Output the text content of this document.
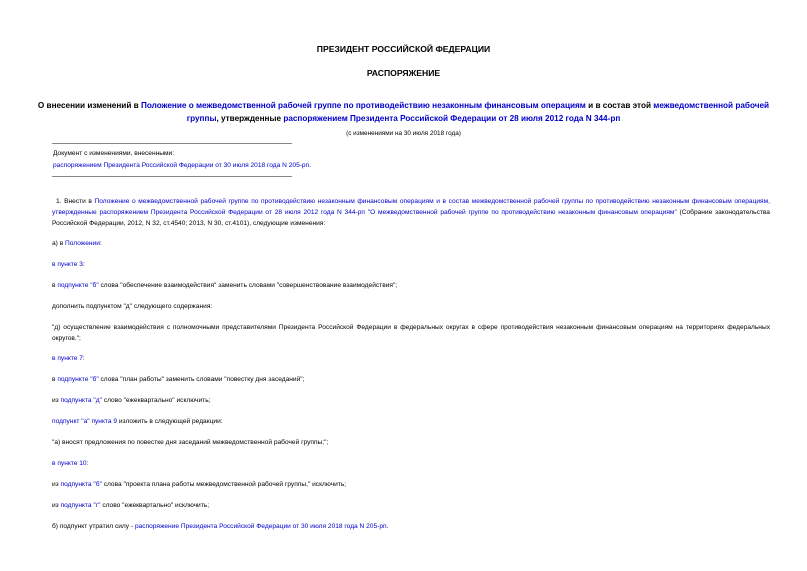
ПРЕЗИДЕНТ РОССИЙСКОЙ ФЕДЕРАЦИИ
РАСПОРЯЖЕНИЕ
О внесении изменений в Положение о межведомственной рабочей группе по противодействию незаконным финансовым операциям и в состав этой межведомственной рабочей группы, утвержденные распоряжением Президента Российской Федерации от 28 июля 2012 года N 344-рп
(с изменениями на 30 июля 2018 года)
Документ с изменениями, внесенными:
распоряжением Президента Российской Федерации от 30 июля 2018 года N 205-рп.
1. Внести в Положение о межведомственной рабочей группе по противодействию незаконным финансовым операциям и в состав межведомственной рабочей группы по противодействию незаконным финансовым операциям, утвержденные распоряжением Президента Российской Федерации от 28 июля 2012 года N 344-рп "О межведомственной рабочей группе по противодействию незаконным финансовым операциям" (Собрание законодательства Российской Федерации, 2012, N 32, ст.4540; 2013, N 30, ст.4101), следующие изменения:
а) в Положении:
в пункте 3:
в подпункте "б" слова "обеспечение взаимодействия" заменить словами "совершенствование взаимодействия";
дополнить подпунктом "д" следующего содержания:
"д) осуществление взаимодействия с полномочными представителями Президента Российской Федерации в федеральных округах в сфере противодействия незаконным финансовым операциям на территориях федеральных округов.";
в пункте 7:
в подпункте "б" слова "план работы" заменить словами "повестку дня заседаний";
из подпункта "д" слово "ежеквартально" исключить;
подпункт "а" пункта 9 изложить в следующей редакции:
"а) вносят предложения по повестке дня заседаний межведомственной рабочей группы;";
в пункте 10:
из подпункта "б" слова "проекта плана работы межведомственной рабочей группы," исключить;
из подпункта "г" слово "ежеквартально" исключить;
б) подпункт утратил силу - распоряжение Президента Российской Федерации от 30 июля 2018 года N 205-рп.
